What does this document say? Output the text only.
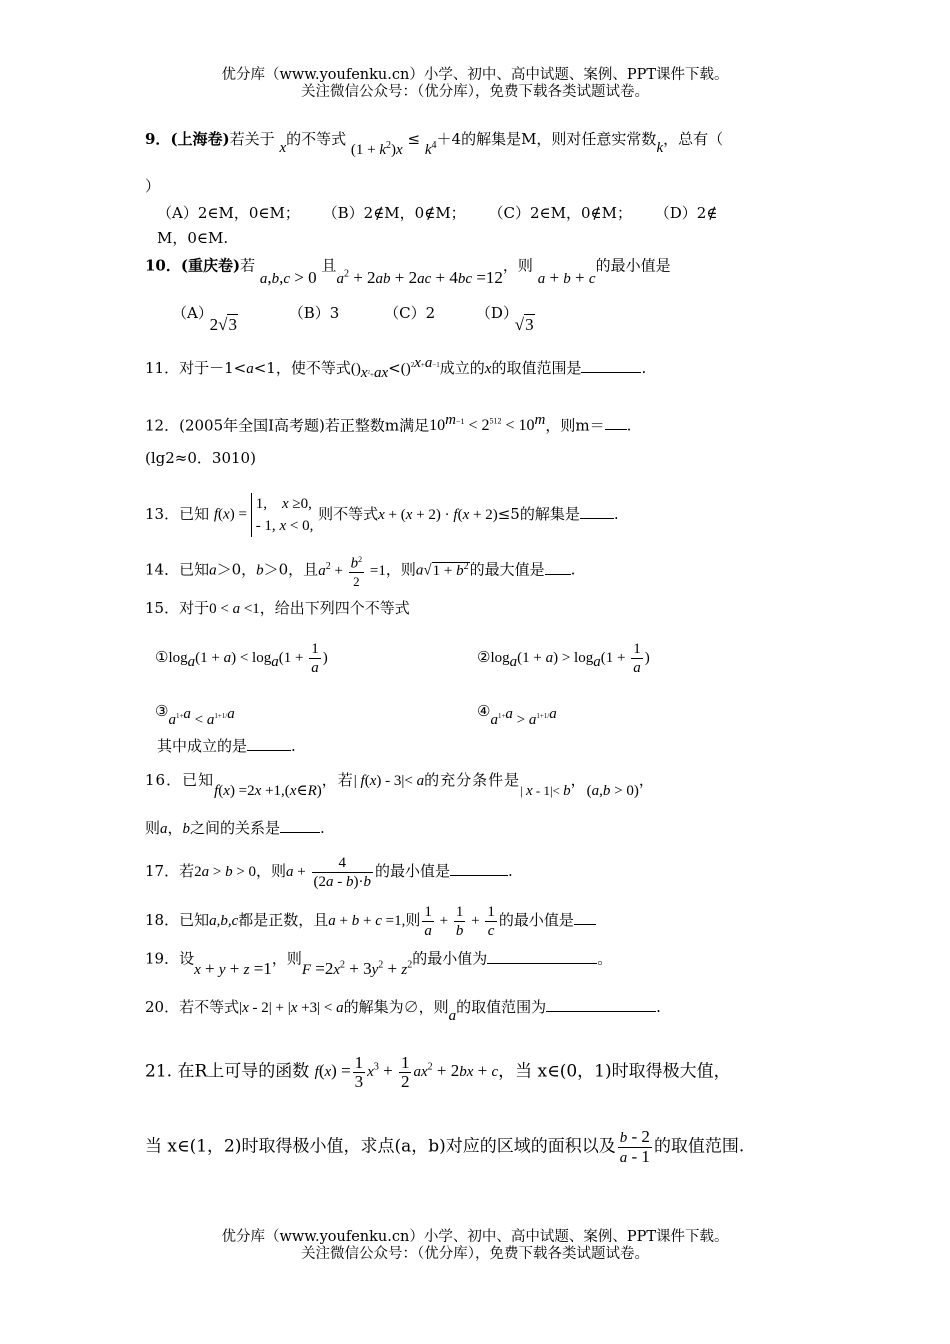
优分库（www.youfenku.cn）小学、初中、高中试题、案例、PPT课件下载。
关注微信公众号：（优分库），免费下载各类试题试卷。
9．(上海卷)若关于 x的不等式 $(1 + k^2)x \le k^4+4$的解集是M，则对任意实常数k，总有（
）
（A）2∈M，0∈M； （B）2∉M，0∉M； （C）2∈M，0∉M； （D）2∉
M，0∈M.
10．(重庆卷)若 a,b,c > 0 且$a^2 + 2ab + 2ac + 4bc =12$，则 a + b + c的最小值是
（A） 2√3 （B）3	（C）2	（D） √3
11．对于－1<a<1，使不等式$()_{x^2+ax}<()^{2x+a-1}$成立的x的取值范围是	.
12．(2005年全国Ⅰ高考题)若正整数m满足$10^{m-1} < 2^{512} < 10^m$，则m＝ .
(lg2≈0．3010)
13．已知 f(x) =
1,    x ≥0,
- 1, x < 0,
则不等式x + (x + 2) · f(x + 2)≤5的解集是 .
14．已知a＞0，b＞0，且$a^2 + \frac{b^2}{2} =1$，则$a√1 + b^2$的最大值是 .
15．对于0 < a <1，给出下列四个不等式
$①\log_a(1 + a) < \log_a(1 + \frac{1}{a}$ )	$②\log_a(1 + a) > \log_a(1 + \frac{1}{a}$ )
$③a^{1+a} < a^{1+1/a}$	$④a^{1+a} > a^{1+1/a}$
其中成立的是	.
16．已知f(x) =2x +1,(x∈R)，若| f(x) - 3|< a的充分条件是| x - 1|< b，(a,b > 0)，
则a，b之间的关系是	.
17．若2a > b > 0，则$a + \frac{4}{(2a - b)\cdot b}$ 的最小值是	.
18．已知a,b,c都是正数，且a + b + c =1,则 $\frac{1}{a} + \frac{1}{b} + \frac{1}{c}$ 的最小值是
19．设x + y + z =1，则$F =2x^2 + 3y^2 + z^2$的最小值为	。
20．若不等式|x - 2| + |x +3| < a的解集为∅，则a的取值范围为	.
21. 在R上可导的函数 $f(x) = \frac{1}{3} x^3 + \frac{1}{2} ax^2 + 2bx + c$，当 x∈(0，1)时取得极大值，
当 x∈(1，2)时取得极小值，求点(a，b)对应的区域的面积以及 $\frac{b - 2}{a - 1}$ 的取值范围.
优分库（www.youfenku.cn）小学、初中、高中试题、案例、PPT课件下载。
关注微信公众号：（优分库），免费下载各类试题试卷。
